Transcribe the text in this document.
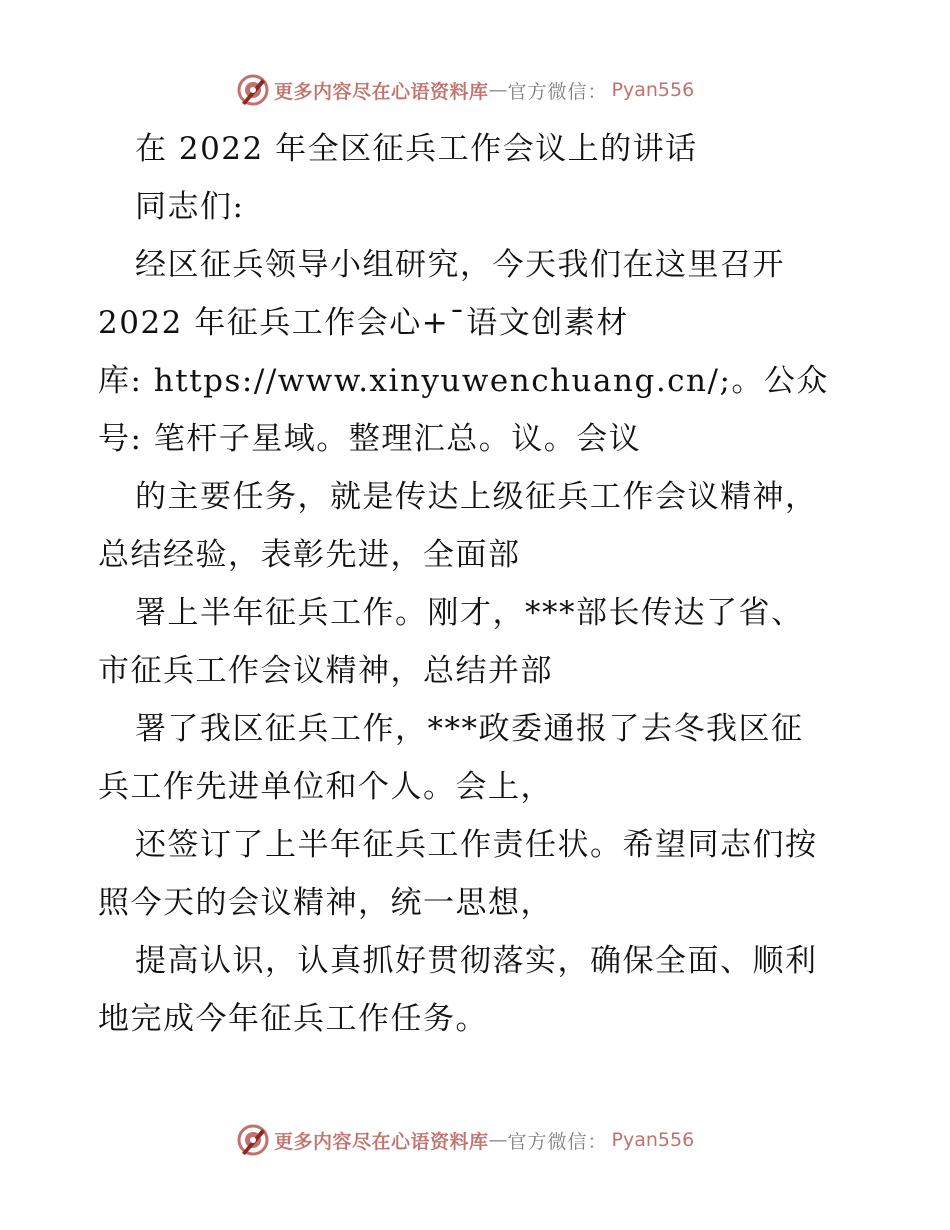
更多内容尽在心语资料库 — 官方微信： Pyan556
在 2022 年全区征兵工作会议上的讲话
同志们:
经区征兵领导小组研究，今天我们在这里召开
2022 年征兵工作会心+¯语文创素材
库: https://www.xinyuwenchuang.cn/;。公众
号: 笔杆子星域。整理汇总。议。会议
的主要任务，就是传达上级征兵工作会议精神，
总结经验，表彰先进，全面部
署上半年征兵工作。刚才，***部长传达了省、
市征兵工作会议精神，总结并部
署了我区征兵工作，***政委通报了去冬我区征
兵工作先进单位和个人。会上，
还签订了上半年征兵工作责任状。希望同志们按
照今天的会议精神，统一思想，
提高认识，认真抓好贯彻落实，确保全面、顺利
地完成今年征兵工作任务。
更多内容尽在心语资料库 — 官方微信： Pyan556
